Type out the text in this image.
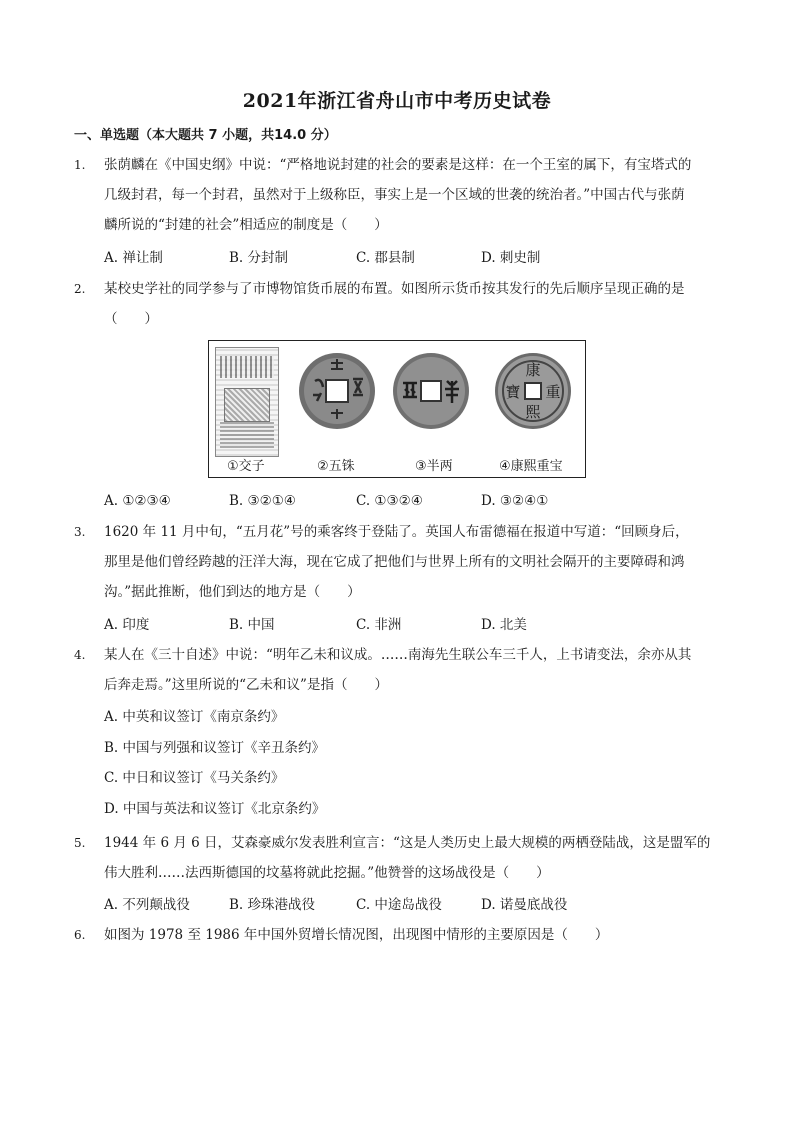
2021年浙江省舟山市中考历史试卷
一、单选题（本大题共 7 小题，共14.0 分）
1.	张荫麟在《中国史纲》中说：“严格地说封建的社会的要素是这样：在一个王室的属下，有宝塔式的
几级封君，每一个封君，虽然对于上级称臣，事实上是一个区域的世袭的统治者。”中国古代与张荫
麟所说的“封建的社会”相适应的制度是（　　）
A. 禅让制	B. 分封制	C. 郡县制	D. 刺史制
2.	某校史学社的同学参与了市博物馆货币展的布置。如图所示货币按其发行的先后顺序呈现正确的是
（　　）
康
熙
寶 重
①交子	②五铢	③半两	④康熙重宝
A. ①②③④	B. ③②①④	C. ①③②④	D. ③②④①
3.	1620 年 11 月中旬，“五月花”号的乘客终于登陆了。英国人布雷德福在报道中写道：“回顾身后，
那里是他们曾经跨越的汪洋大海，现在它成了把他们与世界上所有的文明社会隔开的主要障碍和鸿
沟。”据此推断，他们到达的地方是（　　）
A. 印度	B. 中国	C. 非洲	D. 北美
4.	某人在《三十自述》中说：“明年乙未和议成。……南海先生联公车三千人，上书请变法，余亦从其
后奔走焉。”这里所说的“乙未和议”是指（　　）
A. 中英和议签订《南京条约》
B. 中国与列强和议签订《辛丑条约》
C. 中日和议签订《马关条约》
D. 中国与英法和议签订《北京条约》
5.	1944 年 6 月 6 日，艾森豪威尔发表胜利宣言：“这是人类历史上最大规模的两栖登陆战，这是盟军的
伟大胜利……法西斯德国的坟墓将就此挖掘。”他赞誉的这场战役是（　　）
A. 不列颠战役	B. 珍珠港战役	C. 中途岛战役	D. 诺曼底战役
6.	如图为 1978 至 1986 年中国外贸增长情况图，出现图中情形的主要原因是（　　）
